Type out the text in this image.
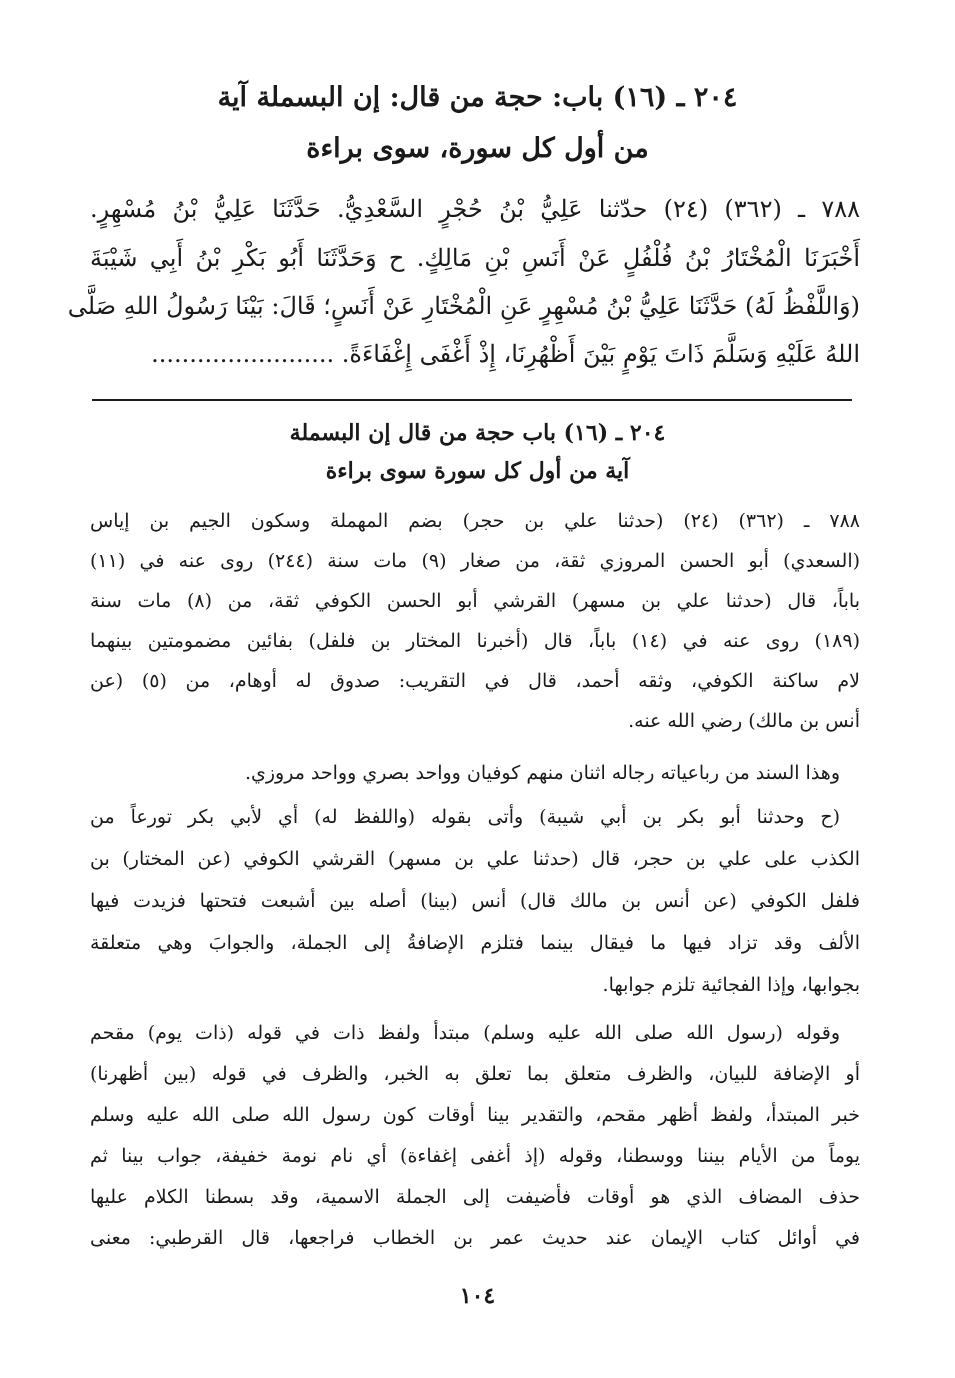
٢٠٤ ـ (١٦) باب: حجة من قال: إن البسملة آية
من أول كل سورة، سوى براءة
٧٨٨ ـ (٣٦٢) (٢٤) حدّثنا عَلِيُّ بْنُ حُجْرٍ السَّعْدِيُّ. حَدَّثَنَا عَلِيُّ بْنُ مُسْهِرٍ.
أَخْبَرَنَا الْمُخْتَارُ بْنُ فُلْفُلٍ عَنْ أَنَسِ بْنِ مَالِكٍ. ح وَحَدَّثَنَا أَبُو بَكْرِ بْنُ أَبِي شَيْبَةَ
(وَاللَّفْظُ لَهُ) حَدَّثَنَا عَلِيُّ بْنُ مُسْهِرٍ عَنِ الْمُخْتَارِ عَنْ أَنَسٍ؛ قَالَ: بَيْنَا رَسُولُ اللهِ صَلَّى
اللهُ عَلَيْهِ وَسَلَّمَ ذَاتَ يَوْمٍ بَيْنَ أَظْهُرِنَا، إِذْ أَغْفَى إِغْفَاءَةً. ........................
٢٠٤ ـ (١٦) باب حجة من قال إن البسملة
آية من أول كل سورة سوى براءة
٧٨٨ ـ (٣٦٢) (٢٤) (حدثنا علي بن حجر) بضم المهملة وسكون الجيم بن إياس
(السعدي) أبو الحسن المروزي ثقة، من صغار (٩) مات سنة (٢٤٤) روى عنه في (١١)
باباً، قال (حدثنا علي بن مسهر) القرشي أبو الحسن الكوفي ثقة، من (٨) مات سنة
(١٨٩) روى عنه في (١٤) باباً، قال (أخبرنا المختار بن فلفل) بفائين مضمومتين بينهما
لام ساكنة الكوفي، وثقه أحمد، قال في التقريب: صدوق له أوهام، من (٥) (عن
أنس بن مالك) رضي الله عنه.
وهذا السند من رباعياته رجاله اثنان منهم كوفيان وواحد بصري وواحد مروزي.
(ح وحدثنا أبو بكر بن أبي شيبة) وأتى بقوله (واللفظ له) أي لأبي بكر تورعاً من
الكذب على علي بن حجر، قال (حدثنا علي بن مسهر) القرشي الكوفي (عن المختار) بن
فلفل الكوفي (عن أنس بن مالك قال) أنس (بينا) أصله بين أشبعت فتحتها فزيدت فيها
الألف وقد تزاد فيها ما فيقال بينما فتلزم الإضافةُ إلى الجملة، والجوابَ وهي متعلقة
بجوابها، وإذا الفجائية تلزم جوابها.
وقوله (رسول الله صلى الله عليه وسلم) مبتدأ ولفظ ذات في قوله (ذات يوم) مقحم
أو الإضافة للبيان، والظرف متعلق بما تعلق به الخبر، والظرف في قوله (بين أظهرنا)
خبر المبتدأ، ولفظ أظهر مقحم، والتقدير بينا أوقات كون رسول الله صلى الله عليه وسلم
يوماً من الأيام بيننا ووسطنا، وقوله (إذ أغفى إغفاءة) أي نام نومة خفيفة، جواب بينا ثم
حذف المضاف الذي هو أوقات فأضيفت إلى الجملة الاسمية، وقد بسطنا الكلام عليها
في أوائل كتاب الإيمان عند حديث عمر بن الخطاب فراجعها، قال القرطبي: معنى
١٠٤
